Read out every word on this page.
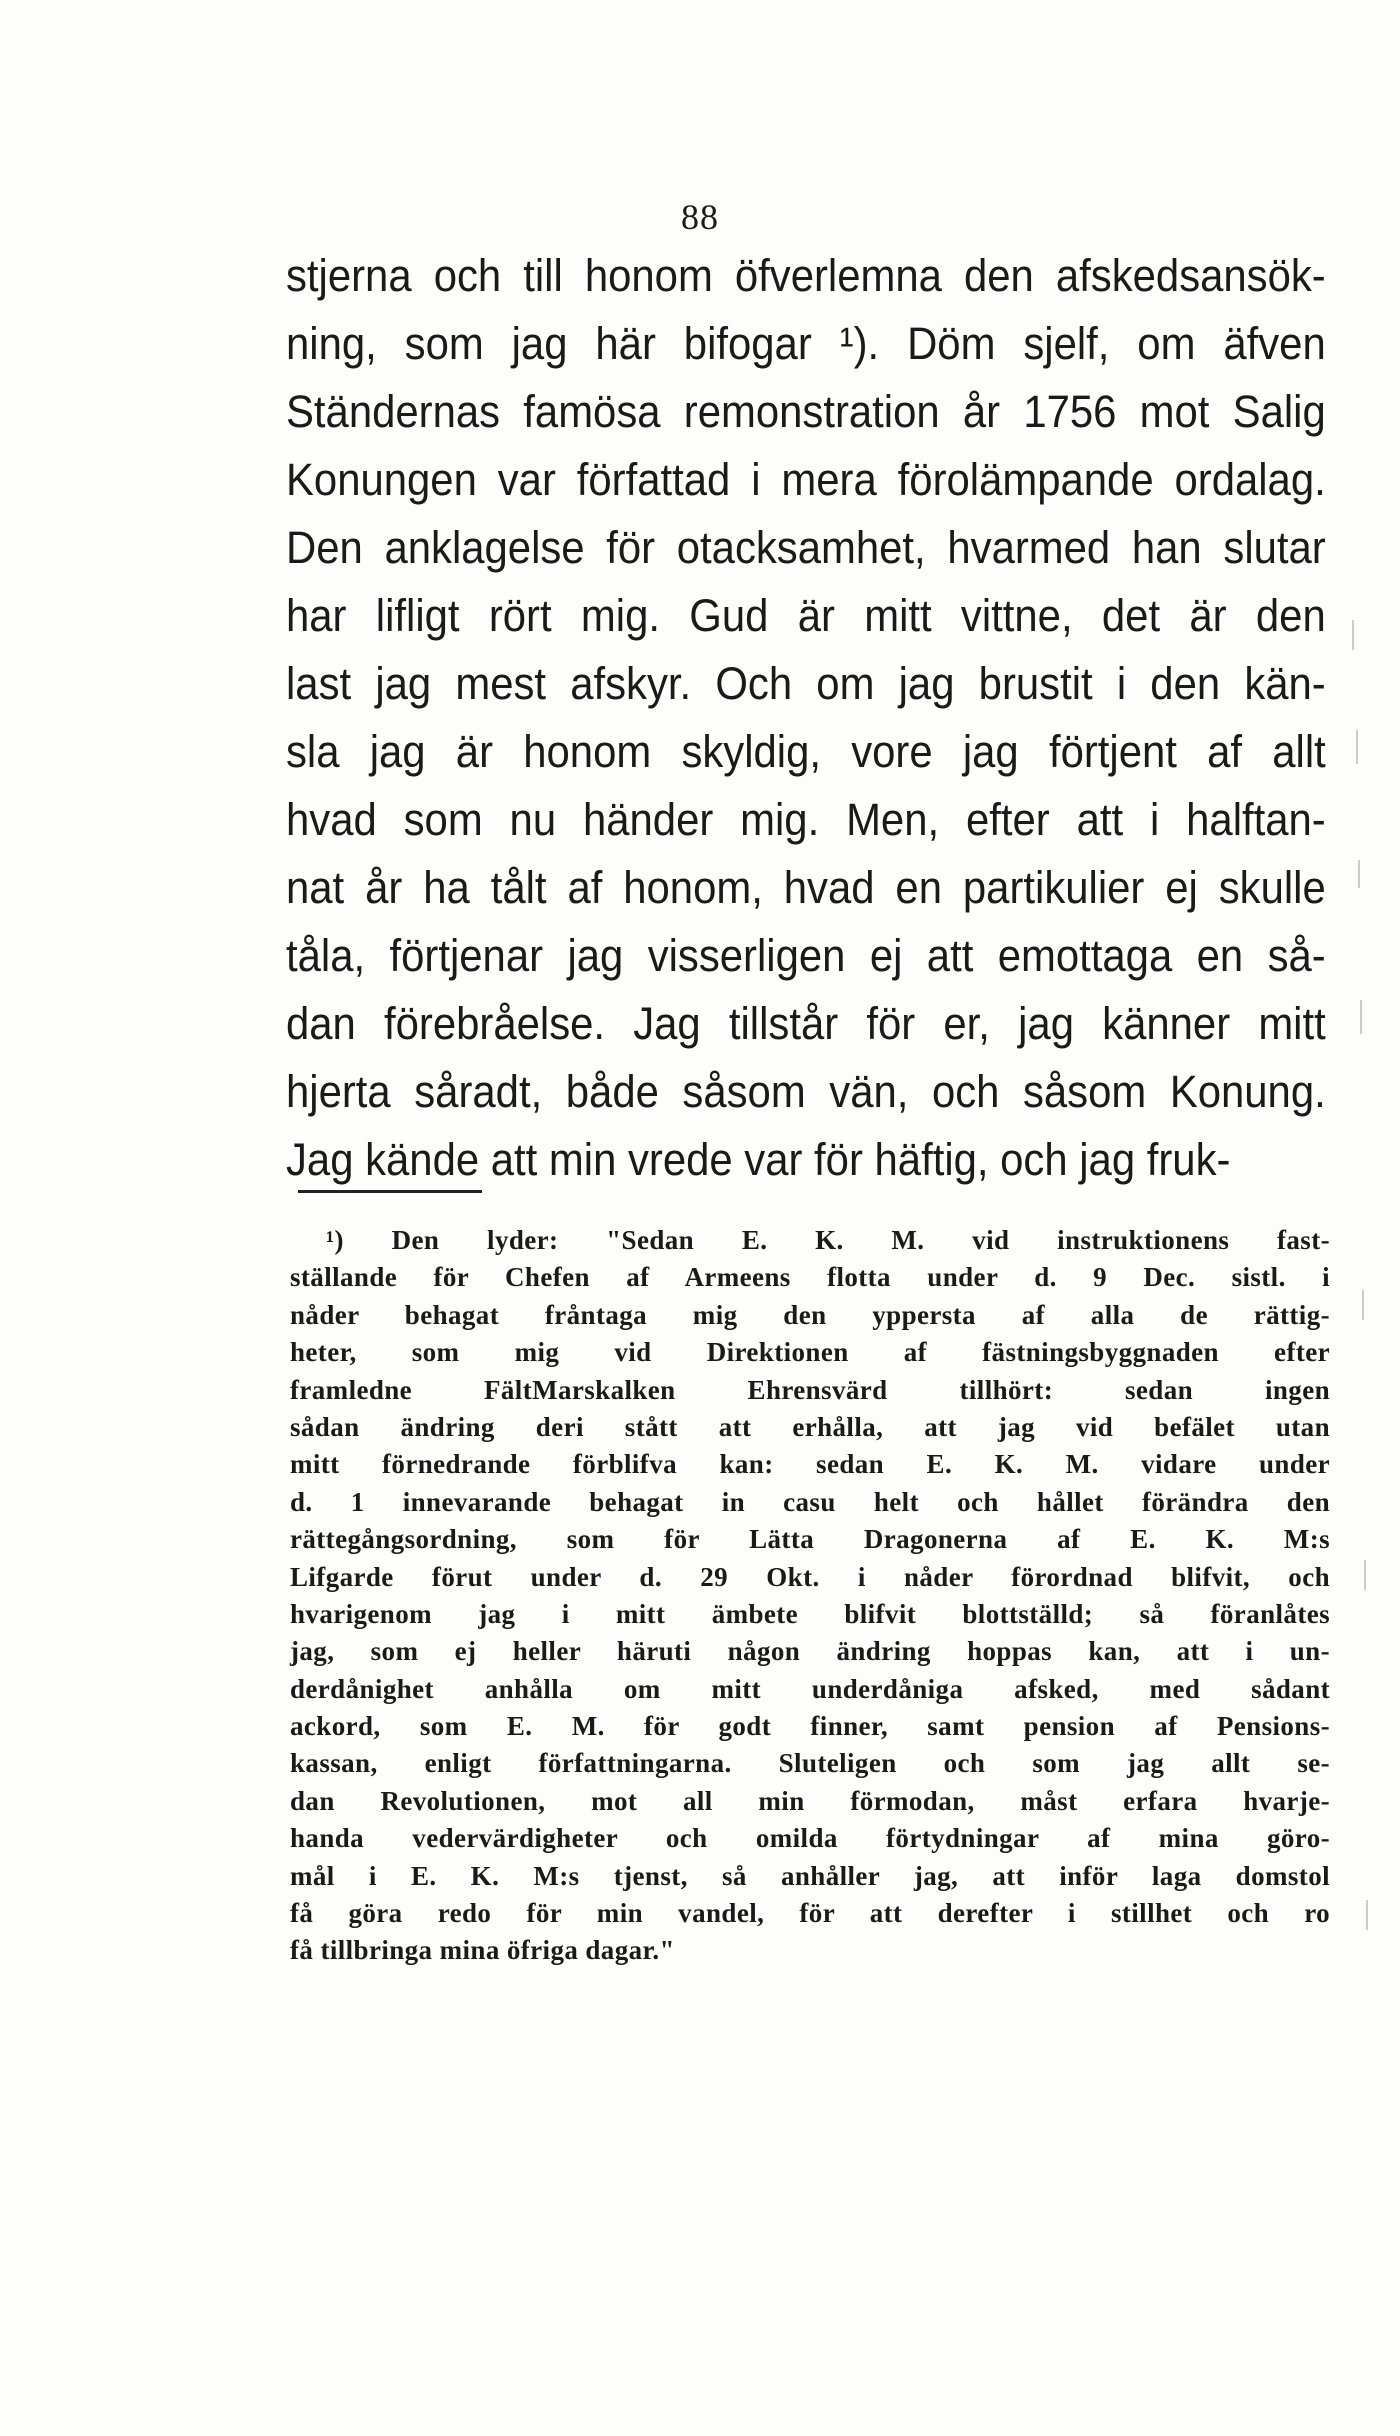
88
stjerna och till honom öfverlemna den afskedsansök-
ning, som jag här bifogar ¹). Döm sjelf, om äfven
Ständernas famösa remonstration år 1756 mot Salig
Konungen var författad i mera förolämpande ordalag.
Den anklagelse för otacksamhet, hvarmed han slutar
har lifligt rört mig. Gud är mitt vittne, det är den
last jag mest afskyr. Och om jag brustit i den kän-
sla jag är honom skyldig, vore jag förtjent af allt
hvad som nu händer mig. Men, efter att i halftan-
nat år ha tålt af honom, hvad en partikulier ej skulle
tåla, förtjenar jag visserligen ej att emottaga en så-
dan förebråelse. Jag tillstår för er, jag känner mitt
hjerta såradt, både såsom vän, och såsom Konung.
Jag kände att min vrede var för häftig, och jag fruk-
¹) Den lyder: "Sedan E. K. M. vid instruktionens fast-
ställande för Chefen af Armeens flotta under d. 9 Dec. sistl. i
nåder behagat fråntaga mig den yppersta af alla de rättig-
heter, som mig vid Direktionen af fästningsbyggnaden efter
framledne FältMarskalken Ehrensvärd tillhört: sedan ingen
sådan ändring deri stått att erhålla, att jag vid befälet utan
mitt förnedrande förblifva kan: sedan E. K. M. vidare under
d. 1 innevarande behagat in casu helt och hållet förändra den
rättegångsordning, som för Lätta Dragonerna af E. K. M:s
Lifgarde förut under d. 29 Okt. i nåder förordnad blifvit, och
hvarigenom jag i mitt ämbete blifvit blottställd; så föranlåtes
jag, som ej heller häruti någon ändring hoppas kan, att i un-
derdånighet anhålla om mitt underdåniga afsked, med sådant
ackord, som E. M. för godt finner, samt pension af Pensions-
kassan, enligt författningarna. Sluteligen och som jag allt se-
dan Revolutionen, mot all min förmodan, måst erfara hvarje-
handa vedervärdigheter och omilda förtydningar af mina göro-
mål i E. K. M:s tjenst, så anhåller jag, att inför laga domstol
få göra redo för min vandel, för att derefter i stillhet och ro
få tillbringa mina öfriga dagar."
